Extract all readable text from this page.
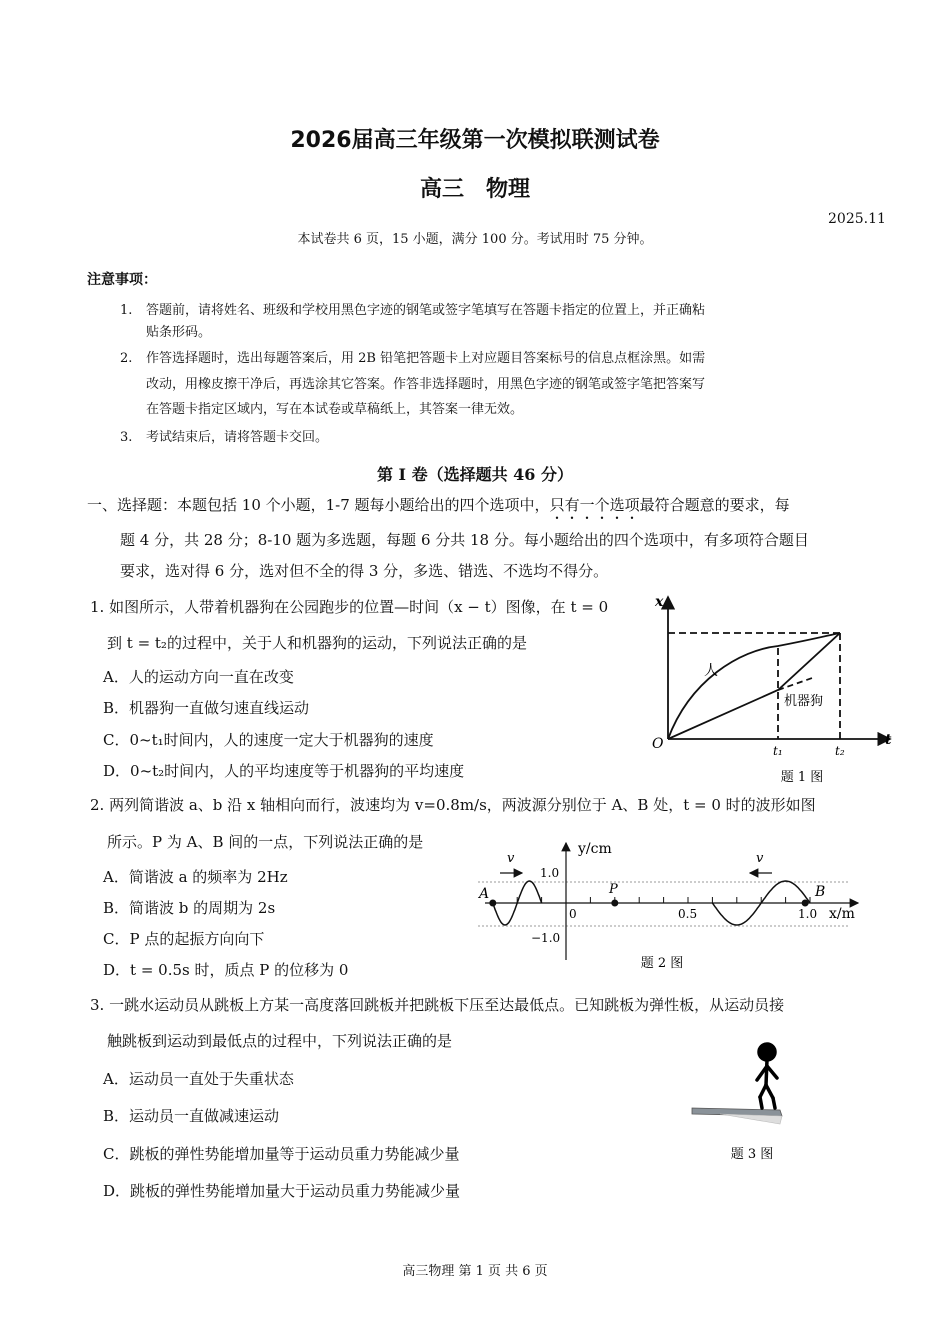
2026届高三年级第一次模拟联测试卷
高三　物理
2025.11
本试卷共 6 页，15 小题，满分 100 分。考试用时 75 分钟。
注意事项：
1. 答题前，请将姓名、班级和学校用黑色字迹的钢笔或签字笔填写在答题卡指定的位置上，并正确粘
贴条形码。
2. 作答选择题时，选出每题答案后，用 2B 铅笔把答题卡上对应题目答案标号的信息点框涂黑。如需
改动，用橡皮擦干净后，再选涂其它答案。作答非选择题时，用黑色字迹的钢笔或签字笔把答案写
在答题卡指定区域内，写在本试卷或草稿纸上，其答案一律无效。
3. 考试结束后，请将答题卡交回。
第 I 卷（选择题共 46 分）
一、选择题：本题包括 10 个小题，1-7 题每小题给出的四个选项中，只有一个选项最符合题意的要求，每
题 4 分，共 28 分；8-10 题为多选题，每题 6 分共 18 分。每小题给出的四个选项中，有多项符合题目
要求，选对得 6 分，选对但不全的得 3 分，多选、错选、不选均不得分。
1. 如图所示，人带着机器狗在公园跑步的位置—时间（x − t）图像，在 t = 0
到 t = t₂的过程中，关于人和机器狗的运动，下列说法正确的是
A．人的运动方向一直在改变
B．机器狗一直做匀速直线运动
C．0~t₁时间内，人的速度一定大于机器狗的速度
D．0~t₂时间内，人的平均速度等于机器狗的平均速度
2. 两列简谐波 a、b 沿 x 轴相向而行，波速均为 v=0.8m/s，两波源分别位于 A、B 处，t = 0 时的波形如图
所示。P 为 A、B 间的一点，下列说法正确的是
A．简谐波 a 的频率为 2Hz
B．简谐波 b 的周期为 2s
C．P 点的起振方向向下
D．t = 0.5s 时，质点 P 的位移为 0
3. 一跳水运动员从跳板上方某一高度落回跳板并把跳板下压至达最低点。已知跳板为弹性板，从运动员接
触跳板到运动到最低点的过程中，下列说法正确的是
A．运动员一直处于失重状态
B．运动员一直做减速运动
C．跳板的弹性势能增加量等于运动员重力势能减少量
D．跳板的弹性势能增加量大于运动员重力势能减少量
高三物理 第 1 页 共 6 页
x
t
O	t₁	t₂
人
机器狗
题 1 图
y/cm
x/m
1.0
−1.0
0	0.5	1.0
A	B
P
v	v
题 2 图
题 3 图
